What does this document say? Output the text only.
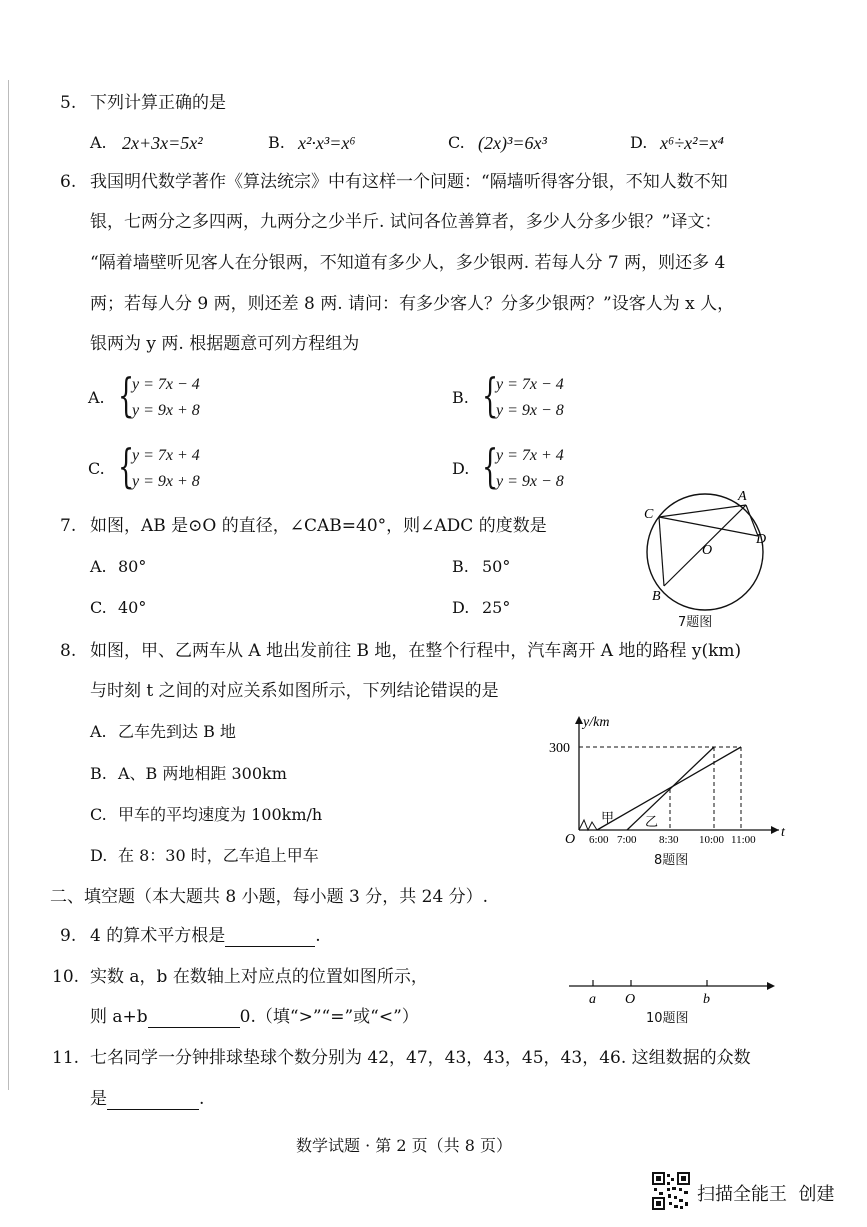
5. 下列计算正确的是
A. 2x+3x=5x²	B. x²·x³=x⁶	C. (2x)³=6x³	D. x⁶÷x²=x⁴
6. 我国明代数学著作《算法统宗》中有这样一个问题：“隔墙听得客分银，不知人数不知
银，七两分之多四两，九两分之少半斤. 试问各位善算者，多少人分多少银？”译文：
“隔着墙壁听见客人在分银两，不知道有多少人，多少银两. 若每人分 7 两，则还多 4
两；若每人分 9 两，则还差 8 两. 请问：有多少客人？分多少银两？”设客人为 x 人，
银两为 y 两. 根据题意可列方程组为
A. {
y = 7x − 4
y = 9x + 8
B. {
y = 7x − 4
y = 9x − 8
C. {
y = 7x + 4
y = 9x + 8
D. {
y = 7x + 4
y = 9x − 8
7. 如图，AB 是⊙O 的直径，∠CAB=40°，则∠ADC 的度数是
A. 80°	B. 50°
C. 40°	D. 25°
C
A
D
O
B
7题图
8. 如图，甲、乙两车从 A 地出发前往 B 地，在整个行程中，汽车离开 A 地的路程 y(km)
与时刻 t 之间的对应关系如图所示，下列结论错误的是
A. 乙车先到达 B 地
B. A、B 两地相距 300km
C. 甲车的平均速度为 100km/h
D. 在 8：30 时，乙车追上甲车
y/km
300
t
O 6:00 7:00 8:30 10:00 11:00
甲 乙
8题图
二、填空题（本大题共 8 小题，每小题 3 分，共 24 分）.
9. 4 的算术平方根是	.
10. 实数 a，b 在数轴上对应点的位置如图所示，
则 a+b	0.（填“>”“=”或“<”）
a O	b
10题图
11. 七名同学一分钟排球垫球个数分别为 42，47，43，43，45，43，46. 这组数据的众数
是	.
数学试题 · 第 2 页（共 8 页）
扫描全能王  创建
